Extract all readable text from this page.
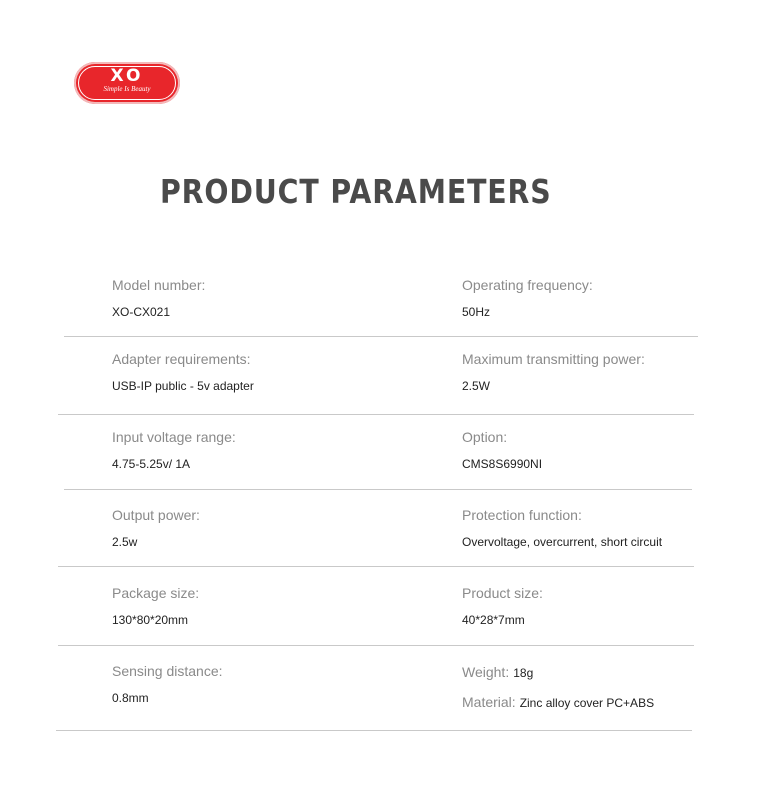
XO
Simple Is Beauty
PRODUCT PARAMETERS
Model number:
XO-CX021
Operating frequency:
50Hz
Adapter requirements:
USB-IP public - 5v adapter
Maximum transmitting power:
2.5W
Input voltage range:
4.75-5.25v/ 1A
Option:
CMS8S6990NI
Output power:
2.5w
Protection function:
Overvoltage, overcurrent, short circuit
Package size:
130*80*20mm
Product size:
40*28*7mm
Sensing distance:
0.8mm
Weight: 18g
Material: Zinc alloy cover PC+ABS
